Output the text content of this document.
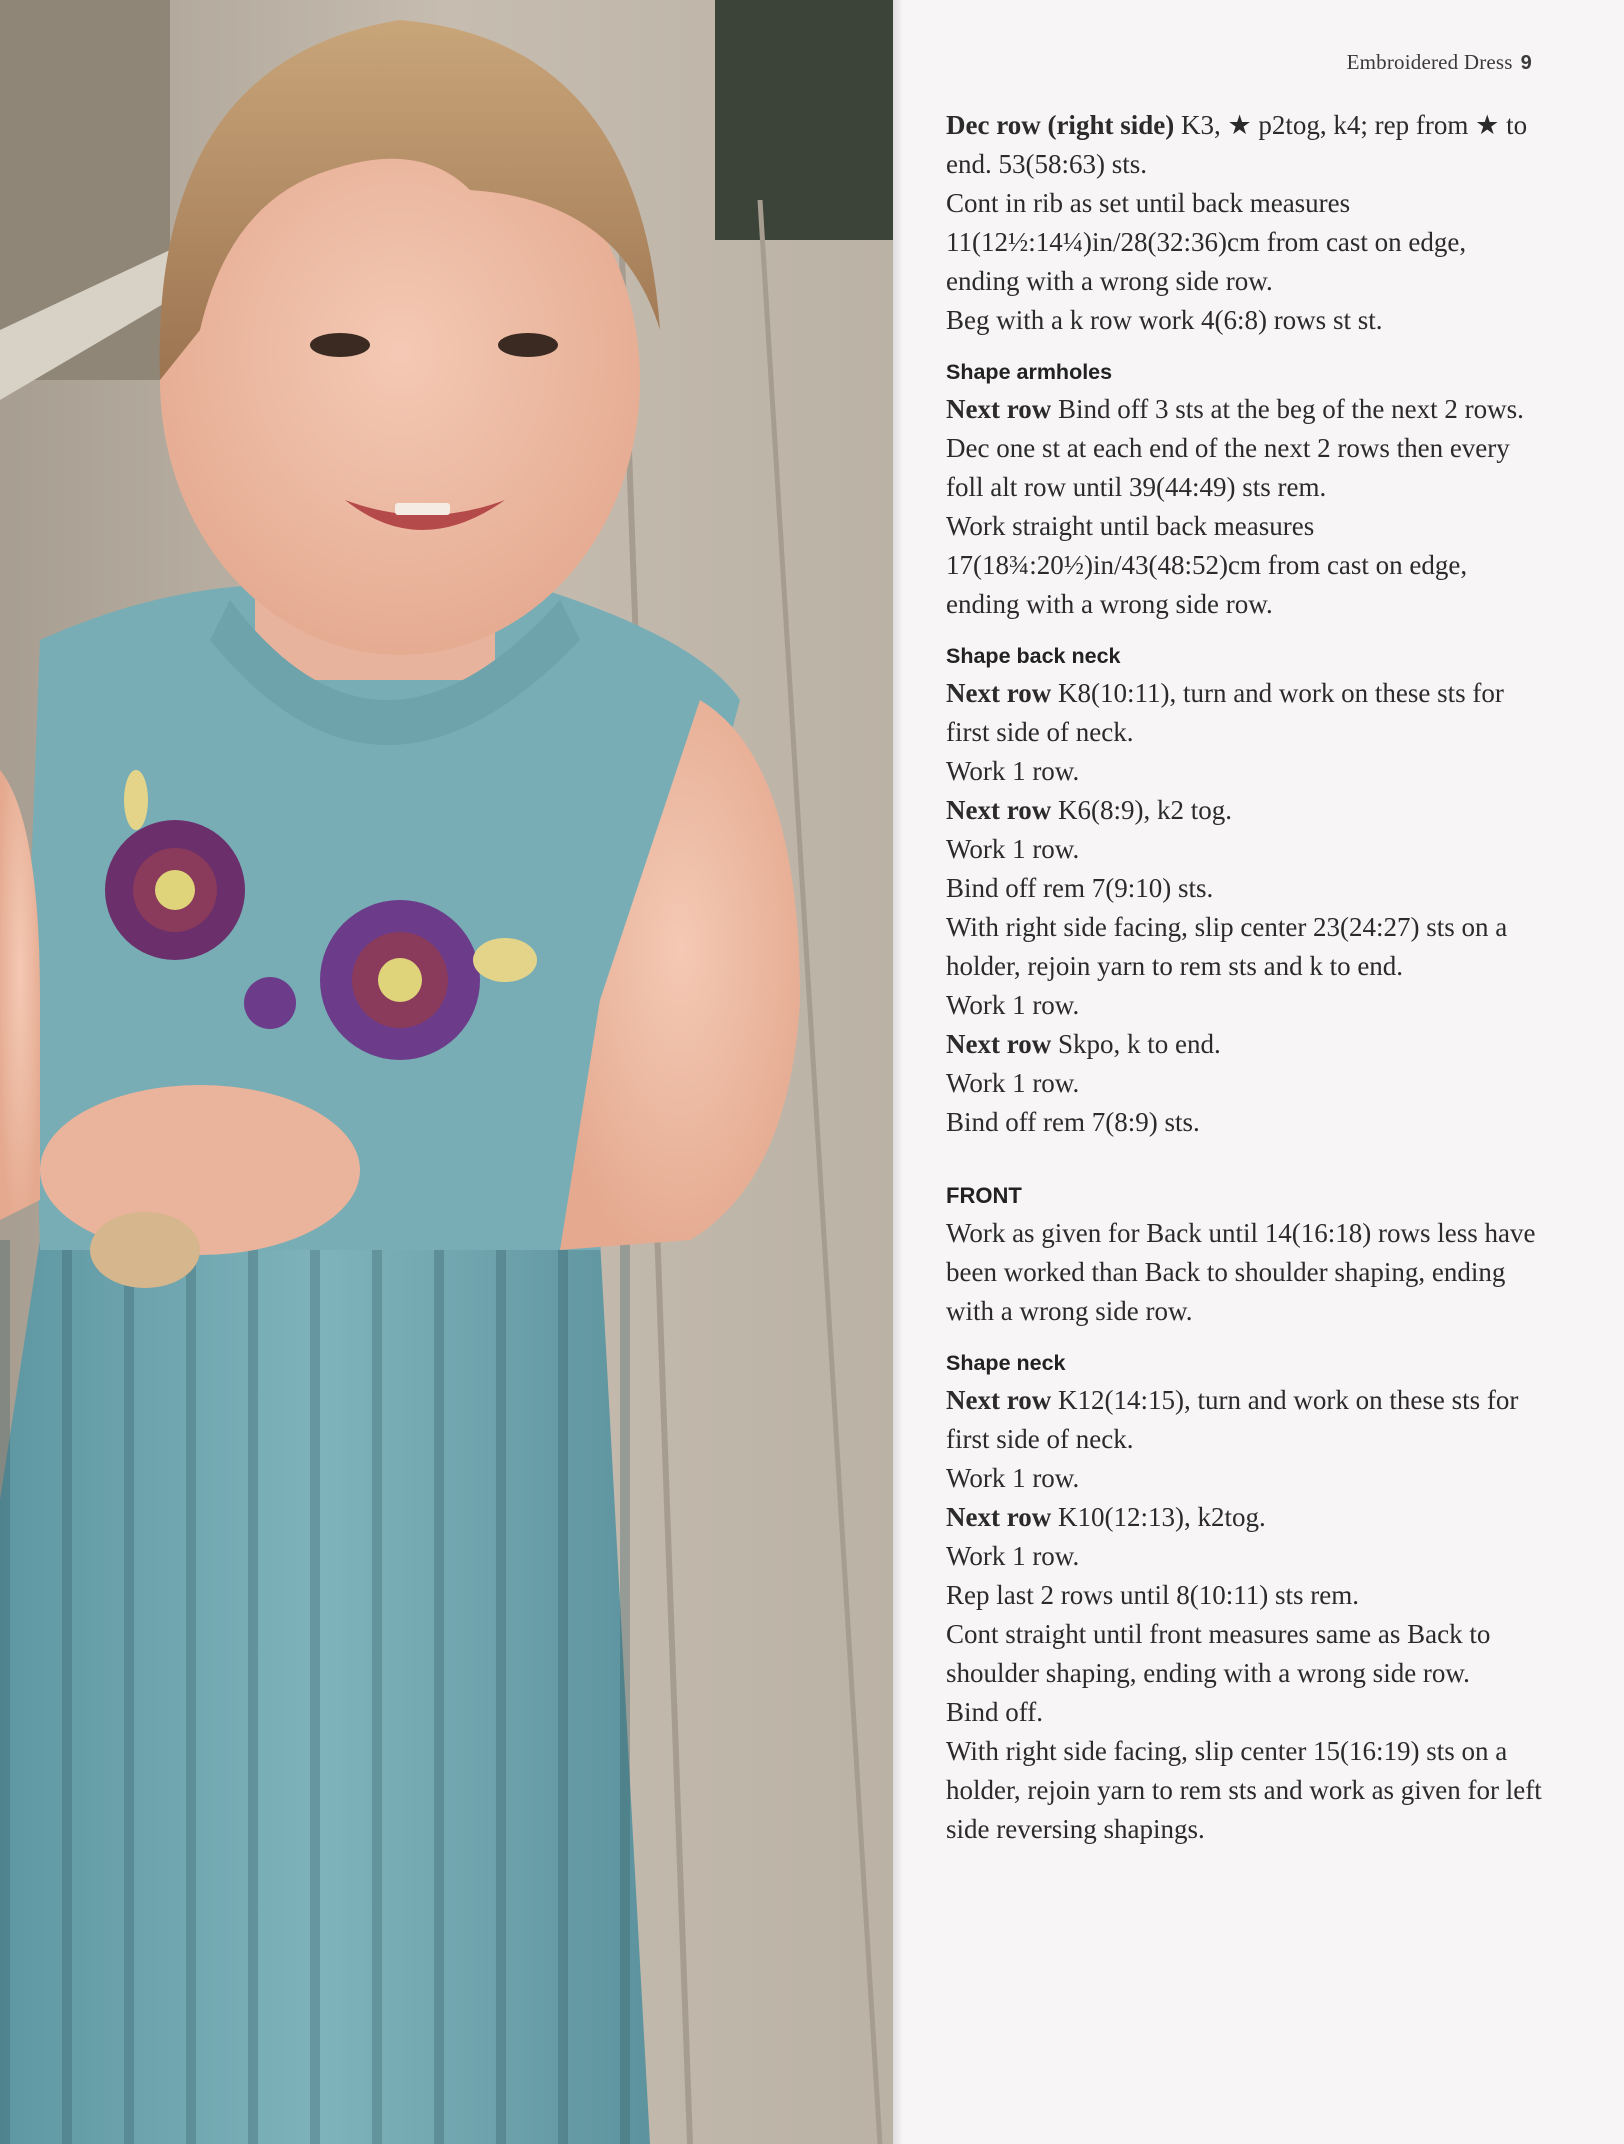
Embroidered Dress 9

Dec row (right side) K3, ★ p2tog, k4; rep from ★ to end. 53(58:63) sts.

Cont in rib as set until back measures 11(12½:14¼)in/28(32:36)cm from cast on edge, ending with a wrong side row.

Beg with a k row work 4(6:8) rows st st.

Shape armholes

Next row Bind off 3 sts at the beg of the next 2 rows.

Dec one st at each end of the next 2 rows then every foll alt row until 39(44:49) sts rem.

Work straight until back measures 17(18¾:20½)in/43(48:52)cm from cast on edge, ending with a wrong side row.

Shape back neck

Next row K8(10:11), turn and work on these sts for first side of neck.

Work 1 row.

Next row K6(8:9), k2 tog.

Work 1 row.

Bind off rem 7(9:10) sts.

With right side facing, slip center 23(24:27) sts on a holder, rejoin yarn to rem sts and k to end.

Work 1 row.

Next row Skpo, k to end.

Work 1 row.

Bind off rem 7(8:9) sts.

FRONT

Work as given for Back until 14(16:18) rows less have been worked than Back to shoulder shaping, ending with a wrong side row.

Shape neck

Next row K12(14:15), turn and work on these sts for first side of neck.

Work 1 row.

Next row K10(12:13), k2tog.

Work 1 row.

Rep last 2 rows until 8(10:11) sts rem.

Cont straight until front measures same as Back to shoulder shaping, ending with a wrong side row.

Bind off.

With right side facing, slip center 15(16:19) sts on a holder, rejoin yarn to rem sts and work as given for left side reversing shapings.
